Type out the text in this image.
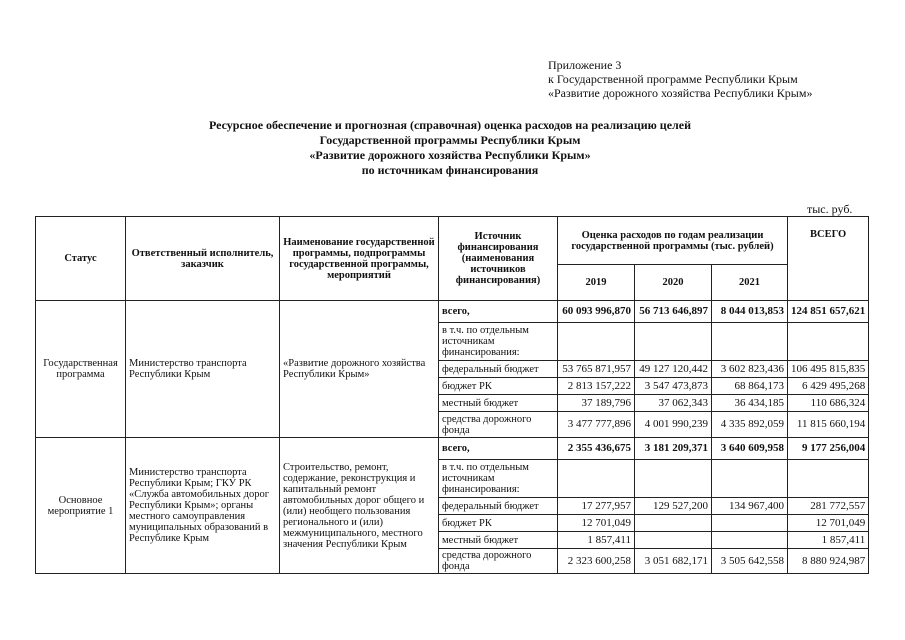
Приложение 3
к Государственной программе Республики Крым
«Развитие дорожного хозяйства Республики Крым»
Ресурсное обеспечение и прогнозная (справочная) оценка расходов на реализацию целей
Государственной программы Республики Крым
«Развитие дорожного хозяйства Республики Крым»
по источникам финансирования
тыс. руб.
Статус	Ответственный исполнитель, заказчик	Наименование государственной программы, подпрограммы государственной программы, мероприятий	Источник финансирования (наименования источников финансирования)	Оценка расходов по годам реализации государственной программы (тыс. рублей)			ВСЕГО
				2019	2020	2021	
Государственная программа	Министерство транспорта Республики Крым	«Развитие дорожного хозяйства Республики Крым»	всего,	60 093 996,870	56 713 646,897	8 044 013,853	124 851 657,621
			в т.ч. по отдельным источникам финансирования:				
			федеральный бюджет	53 765 871,957	49 127 120,442	3 602 823,436	106 495 815,835
			бюджет РК	2 813 157,222	3 547 473,873	68 864,173	6 429 495,268
			местный бюджет	37 189,796	37 062,343	36 434,185	110 686,324
			средства дорожного фонда	3 477 777,896	4 001 990,239	4 335 892,059	11 815 660,194
Основное мероприятие 1	Министерство транспорта Республики Крым; ГКУ РК «Служба автомобильных дорог Республики Крым»; органы местного самоуправления муниципальных образований в Республике Крым	Строительство, ремонт, содержание, реконструкция и капитальный ремонт автомобильных дорог общего и (или) необщего пользования регионального и (или) межмуниципального, местного значения Республики Крым	всего,	2 355 436,675	3 181 209,371	3 640 609,958	9 177 256,004
			в т.ч. по отдельным источникам финансирования:				
			федеральный бюджет	17 277,957	129 527,200	134 967,400	281 772,557
			бюджет РК	12 701,049			12 701,049
			местный бюджет	1 857,411			1 857,411
			средства дорожного фонда	2 323 600,258	3 051 682,171	3 505 642,558	8 880 924,987
